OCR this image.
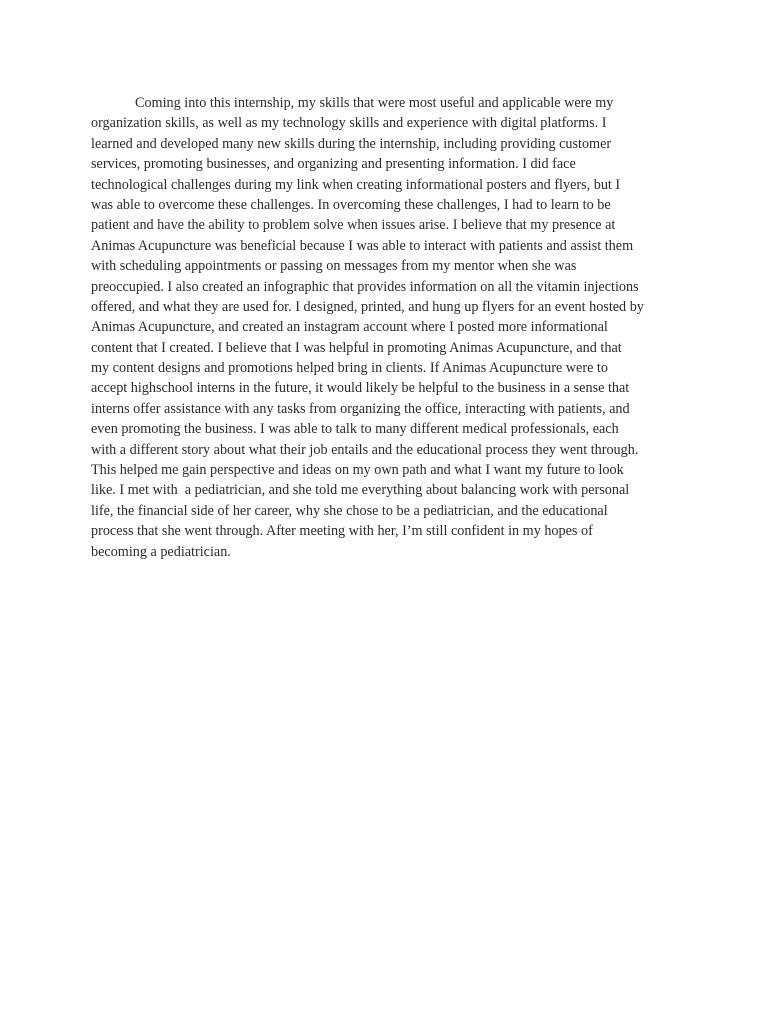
Coming into this internship, my skills that were most useful and applicable were my
organization skills, as well as my technology skills and experience with digital platforms. I
learned and developed many new skills during the internship, including providing customer
services, promoting businesses, and organizing and presenting information. I did face
technological challenges during my link when creating informational posters and flyers, but I
was able to overcome these challenges. In overcoming these challenges, I had to learn to be
patient and have the ability to problem solve when issues arise. I believe that my presence at
Animas Acupuncture was beneficial because I was able to interact with patients and assist them
with scheduling appointments or passing on messages from my mentor when she was
preoccupied. I also created an infographic that provides information on all the vitamin injections
offered, and what they are used for. I designed, printed, and hung up flyers for an event hosted by
Animas Acupuncture, and created an instagram account where I posted more informational
content that I created. I believe that I was helpful in promoting Animas Acupuncture, and that
my content designs and promotions helped bring in clients. If Animas Acupuncture were to
accept highschool interns in the future, it would likely be helpful to the business in a sense that
interns offer assistance with any tasks from organizing the office, interacting with patients, and
even promoting the business. I was able to talk to many different medical professionals, each
with a different story about what their job entails and the educational process they went through.
This helped me gain perspective and ideas on my own path and what I want my future to look
like. I met with  a pediatrician, and she told me everything about balancing work with personal
life, the financial side of her career, why she chose to be a pediatrician, and the educational
process that she went through. After meeting with her, I’m still confident in my hopes of
becoming a pediatrician.
